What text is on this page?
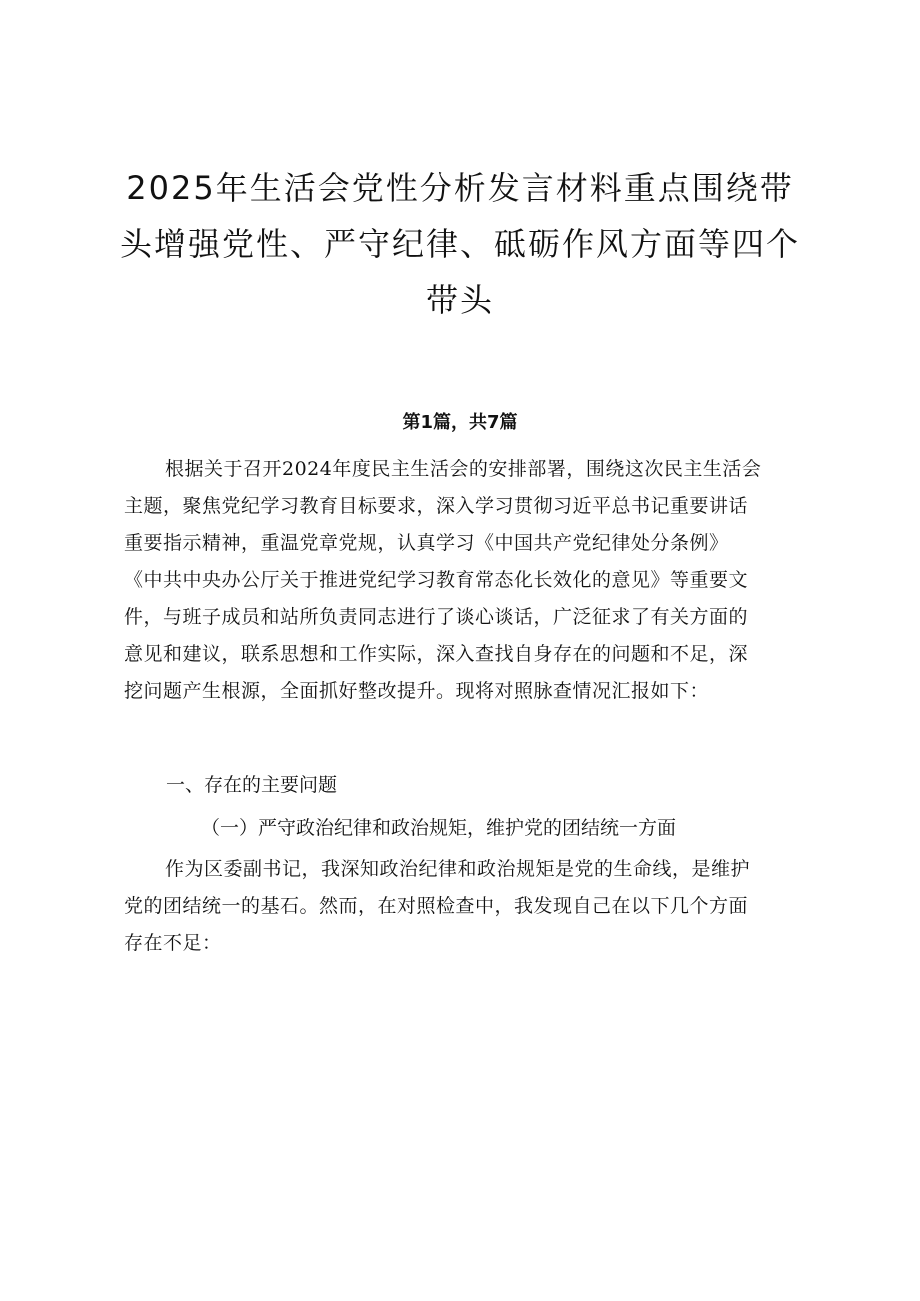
2025年生活会党性分析发言材料重点围绕带
头增强党性、严守纪律、砥砺作风方面等四个
带头
第1篇，共7篇

根据关于召开2024年度民主生活会的安排部署，围绕这次民主生活会
主题，聚焦党纪学习教育目标要求，深入学习贯彻习近平总书记重要讲话
重要指示精神，重温党章党规，认真学习《中国共产党纪律处分条例》
《中共中央办公厅关于推进党纪学习教育常态化长效化的意见》等重要文
件，与班子成员和站所负责同志进行了谈心谈话，广泛征求了有关方面的
意见和建议，联系思想和工作实际，深入查找自身存在的问题和不足，深
挖问题产生根源，全面抓好整改提升。现将对照脉查情况汇报如下：

一、存在的主要问题
（一）严守政治纪律和政治规矩，维护党的团结统一方面

作为区委副书记，我深知政治纪律和政治规矩是党的生命线，是维护
党的团结统一的基石。然而，在对照检查中，我发现自己在以下几个方面
存在不足：
